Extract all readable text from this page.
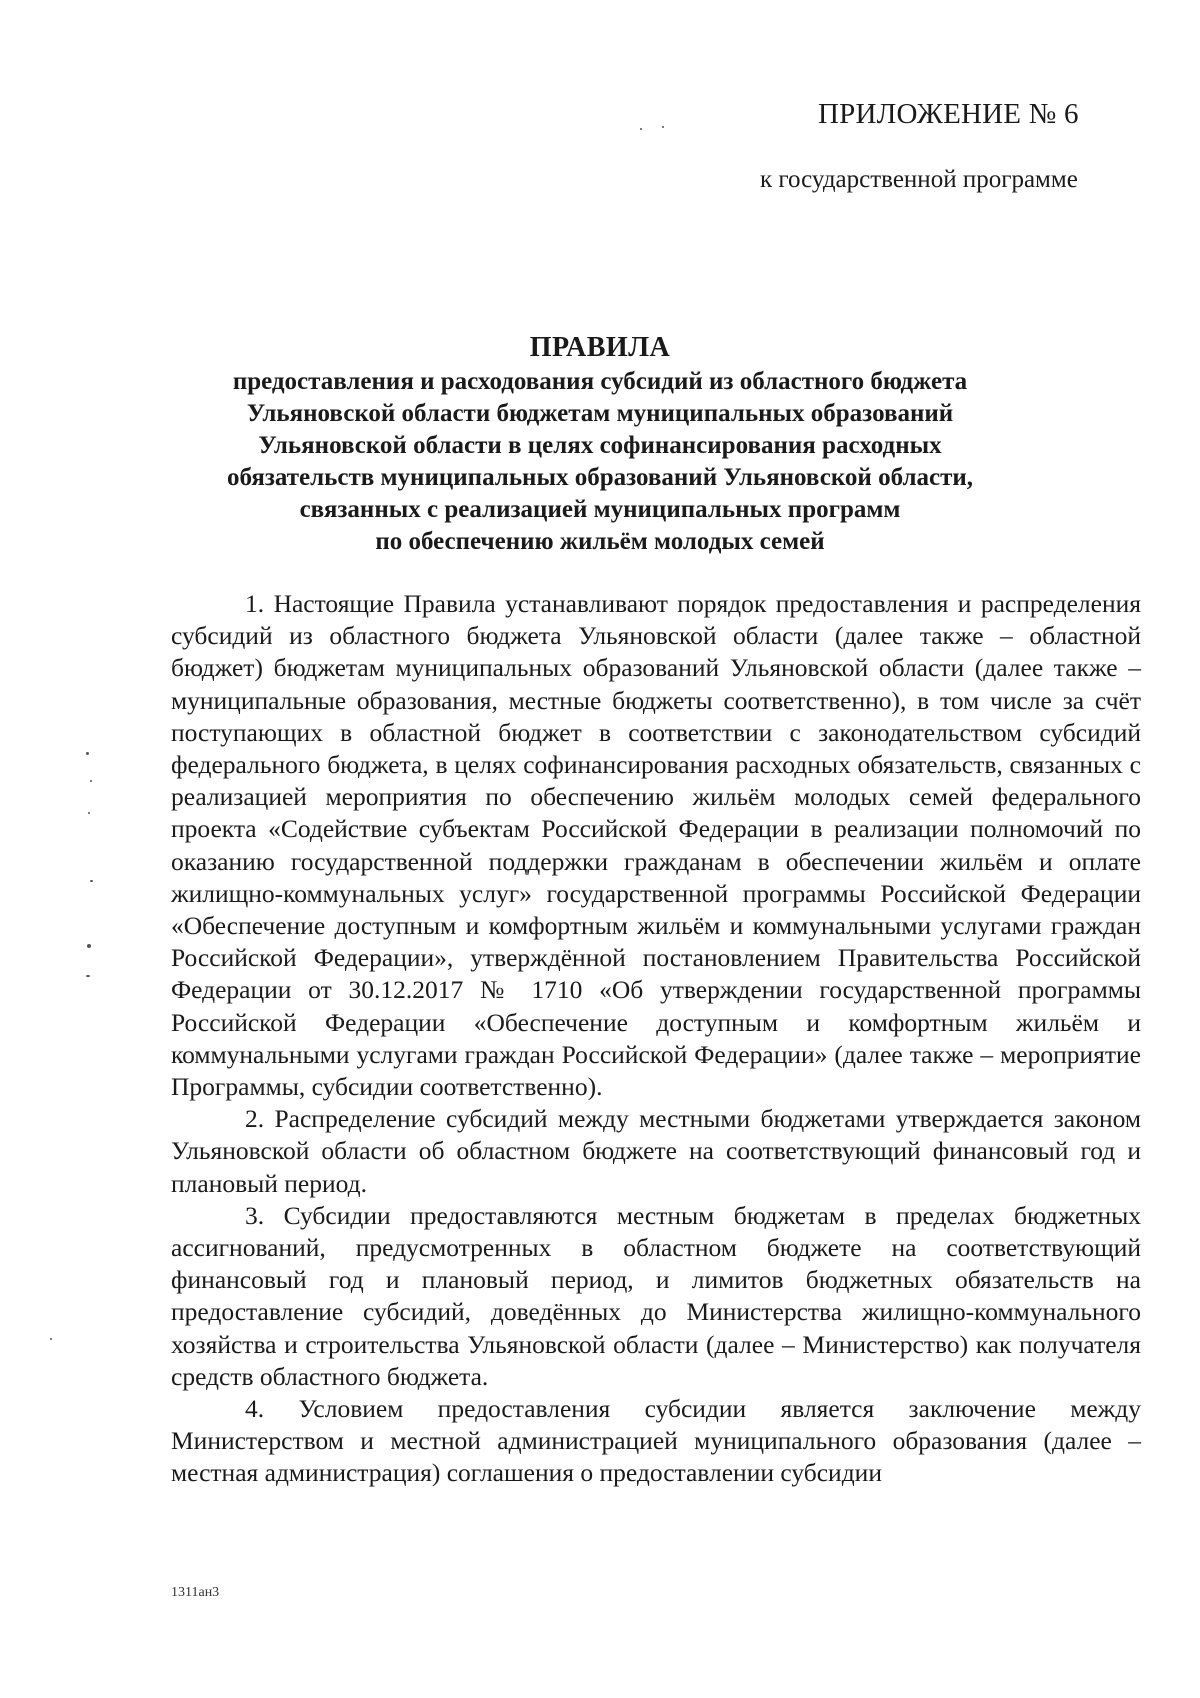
ПРИЛОЖЕНИЕ № 6
к государственной программе
ПРАВИЛА
предоставления и расходования субсидий из областного бюджета
Ульяновской области бюджетам муниципальных образований
Ульяновской области в целях софинансирования расходных
обязательств муниципальных образований Ульяновской области,
связанных с реализацией муниципальных программ
по обеспечению жильём молодых семей

1. Настоящие Правила устанавливают порядок предоставления и распределения субсидий из областного бюджета Ульяновской области (далее также – областной бюджет) бюджетам муниципальных образований Ульяновской области (далее также – муниципальные образования, местные бюджеты соответственно), в том числе за счёт поступающих в областной бюджет в соответствии с законодательством субсидий федерального бюджета, в целях софинансирования расходных обязательств, связанных с реализацией мероприятия по обеспечению жильём молодых семей федерального проекта «Содействие субъектам Российской Федерации в реализации полномочий по оказанию государственной поддержки гражданам в обеспечении жильём и оплате жилищно-коммунальных услуг» государственной программы Российской Федерации «Обеспечение доступным и комфортным жильём и коммунальными услугами граждан Российской Федерации», утверждённой постановлением Правительства Российской Федерации от 30.12.2017 № 1710 «Об утверждении государственной программы Российской Федерации «Обеспечение доступным и комфортным жильём и коммунальными услугами граждан Российской Федерации» (далее также – мероприятие Программы, субсидии соответственно).

2. Распределение субсидий между местными бюджетами утверждается законом Ульяновской области об областном бюджете на соответствующий финансовый год и плановый период.

3. Субсидии предоставляются местным бюджетам в пределах бюджетных ассигнований, предусмотренных в областном бюджете на соответствующий финансовый год и плановый период, и лимитов бюджетных обязательств на предоставление субсидий, доведённых до Министерства жилищно-коммунального хозяйства и строительства Ульяновской области (далее – Министерство) как получателя средств областного бюджета.

4. Условием предоставления субсидии является заключение между Министерством и местной администрацией муниципального образования (далее – местная администрация) соглашения о предоставлении субсидии

1311ан3
